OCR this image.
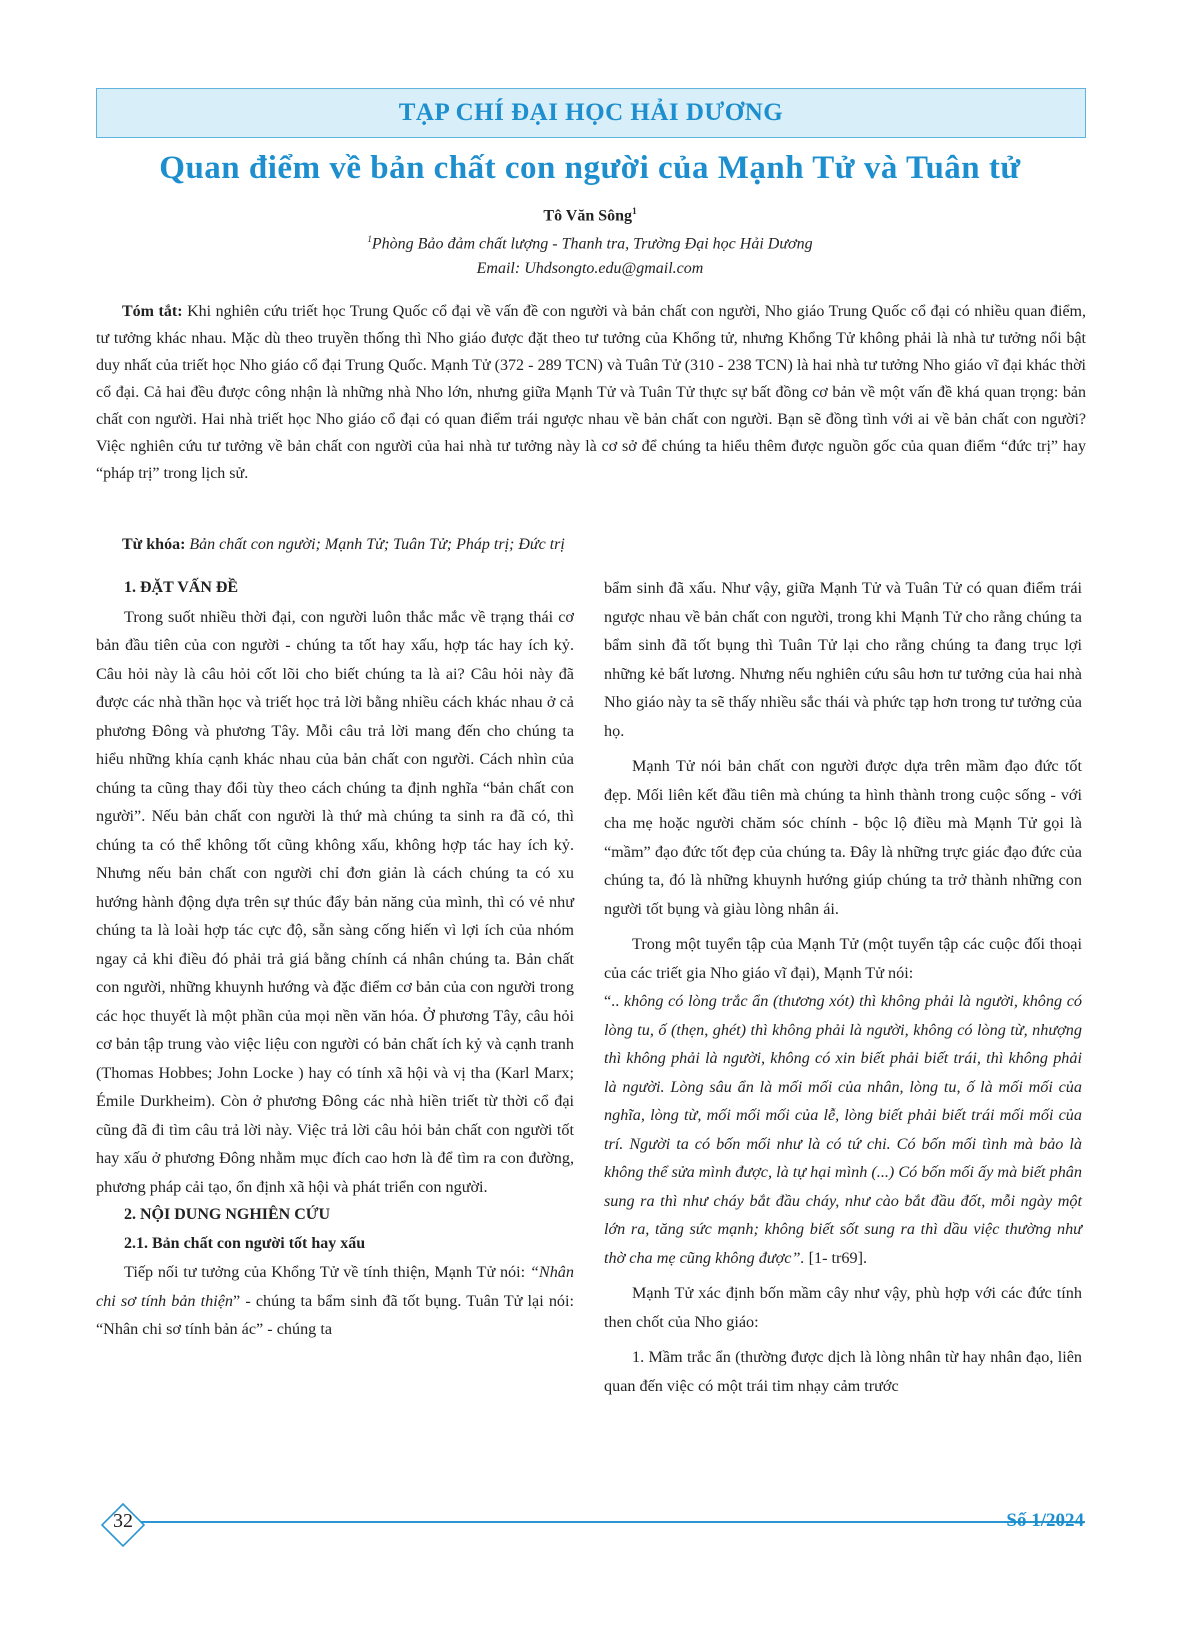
TẠP CHÍ ĐẠI HỌC HẢI DƯƠNG
Quan điểm về bản chất con người của Mạnh Tử và Tuân tử
Tô Văn Sông$^1$
$^1$Phòng Bảo đảm chất lượng - Thanh tra, Trường Đại học Hải Dương
Email: Uhdsongto.edu@gmail.com

Tóm tắt: Khi nghiên cứu triết học Trung Quốc cổ đại về vấn đề con người và bản chất con người, Nho giáo Trung Quốc cổ đại có nhiều quan điểm, tư tưởng khác nhau. Mặc dù theo truyền thống thì Nho giáo được đặt theo tư tưởng của Khổng tử, nhưng Khổng Tử không phải là nhà tư tưởng nổi bật duy nhất của triết học Nho giáo cổ đại Trung Quốc. Mạnh Tử (372 - 289 TCN) và Tuân Tử (310 - 238 TCN) là hai nhà tư tưởng Nho giáo vĩ đại khác thời cổ đại. Cả hai đều được công nhận là những nhà Nho lớn, nhưng giữa Mạnh Tử và Tuân Tử thực sự bất đồng cơ bản về một vấn đề khá quan trọng: bản chất con người. Hai nhà triết học Nho giáo cổ đại có quan điểm trái ngược nhau về bản chất con người. Bạn sẽ đồng tình với ai về bản chất con người? Việc nghiên cứu tư tưởng về bản chất con người của hai nhà tư tưởng này là cơ sở để chúng ta hiểu thêm được nguồn gốc của quan điểm “đức trị” hay “pháp trị” trong lịch sử.

Từ khóa: Bản chất con người; Mạnh Tử; Tuân Tử; Pháp trị; Đức trị

1. ĐẶT VẤN ĐỀ

Trong suốt nhiều thời đại, con người luôn thắc mắc về trạng thái cơ bản đầu tiên của con người - chúng ta tốt hay xấu, hợp tác hay ích kỷ. Câu hỏi này là câu hỏi cốt lõi cho biết chúng ta là ai? Câu hỏi này đã được các nhà thần học và triết học trả lời bằng nhiều cách khác nhau ở cả phương Đông và phương Tây. Mỗi câu trả lời mang đến cho chúng ta hiểu những khía cạnh khác nhau của bản chất con người. Cách nhìn của chúng ta cũng thay đổi tùy theo cách chúng ta định nghĩa “bản chất con người”. Nếu bản chất con người là thứ mà chúng ta sinh ra đã có, thì chúng ta có thể không tốt cũng không xấu, không hợp tác hay ích kỷ. Nhưng nếu bản chất con người chỉ đơn giản là cách chúng ta có xu hướng hành động dựa trên sự thúc đẩy bản năng của mình, thì có vẻ như chúng ta là loài hợp tác cực độ, sẵn sàng cống hiến vì lợi ích của nhóm ngay cả khi điều đó phải trả giá bằng chính cá nhân chúng ta. Bản chất con người, những khuynh hướng và đặc điểm cơ bản của con người trong các học thuyết là một phần của mọi nền văn hóa. Ở phương Tây, câu hỏi cơ bản tập trung vào việc liệu con người có bản chất ích kỷ và cạnh tranh (Thomas Hobbes; John Locke ) hay có tính xã hội và vị tha (Karl Marx; Émile Durkheim). Còn ở phương Đông các nhà hiền triết từ thời cổ đại cũng đã đi tìm câu trả lời này. Việc trả lời câu hỏi bản chất con người tốt hay xấu ở phương Đông nhằm mục đích cao hơn là để tìm ra con đường, phương pháp cải tạo, ổn định xã hội và phát triển con người.

2. NỘI DUNG NGHIÊN CỨU
2.1. Bản chất con người tốt hay xấu

Tiếp nối tư tưởng của Khổng Tử về tính thiện, Mạnh Tử nói: “Nhân chi sơ tính bản thiện” - chúng ta bẩm sinh đã tốt bụng. Tuân Tử lại nói: “Nhân chi sơ tính bản ác” - chúng ta

bẩm sinh đã xấu. Như vậy, giữa Mạnh Tử và Tuân Tử có quan điểm trái ngược nhau về bản chất con người, trong khi Mạnh Tử cho rằng chúng ta bẩm sinh đã tốt bụng thì Tuân Tử lại cho rằng chúng ta đang trục lợi những kẻ bất lương. Nhưng nếu nghiên cứu sâu hơn tư tưởng của hai nhà Nho giáo này ta sẽ thấy nhiều sắc thái và phức tạp hơn trong tư tưởng của họ.

Mạnh Tử nói bản chất con người được dựa trên mầm đạo đức tốt đẹp. Mối liên kết đầu tiên mà chúng ta hình thành trong cuộc sống - với cha mẹ hoặc người chăm sóc chính - bộc lộ điều mà Mạnh Tử gọi là “mầm” đạo đức tốt đẹp của chúng ta. Đây là những trực giác đạo đức của chúng ta, đó là những khuynh hướng giúp chúng ta trở thành những con người tốt bụng và giàu lòng nhân ái.

Trong một tuyển tập của Mạnh Tử (một tuyển tập các cuộc đối thoại của các triết gia Nho giáo vĩ đại), Mạnh Tử nói:

“.. không có lòng trắc ẩn (thương xót) thì không phải là người, không có lòng tu, ố (thẹn, ghét) thì không phải là người, không có lòng từ, nhượng thì không phải là người, không có xin biết phải biết trái, thì không phải là người. Lòng sâu ẩn là mối mối của nhân, lòng tu, ố là mối mối của nghĩa, lòng từ, mối mối mối của lễ, lòng biết phải biết trái mối mối của trí. Người ta có bốn mối như là có tứ chi. Có bốn mối tình mà bảo là không thể sửa mình được, là tự hại mình (...) Có bốn mối ấy mà biết phân sung ra thì như cháy bắt đầu cháy, như cào bắt đầu đốt, mỗi ngày một lớn ra, tăng sức mạnh; không biết sốt sung ra thì dầu việc thường như thờ cha mẹ cũng không được”. [1- tr69].

Mạnh Tử xác định bốn mầm cây như vậy, phù hợp với các đức tính then chốt của Nho giáo:

1. Mầm trắc ẩn (thường được dịch là lòng nhân từ hay nhân đạo, liên quan đến việc có một trái tim nhạy cảm trước

32	Số 1/2024
